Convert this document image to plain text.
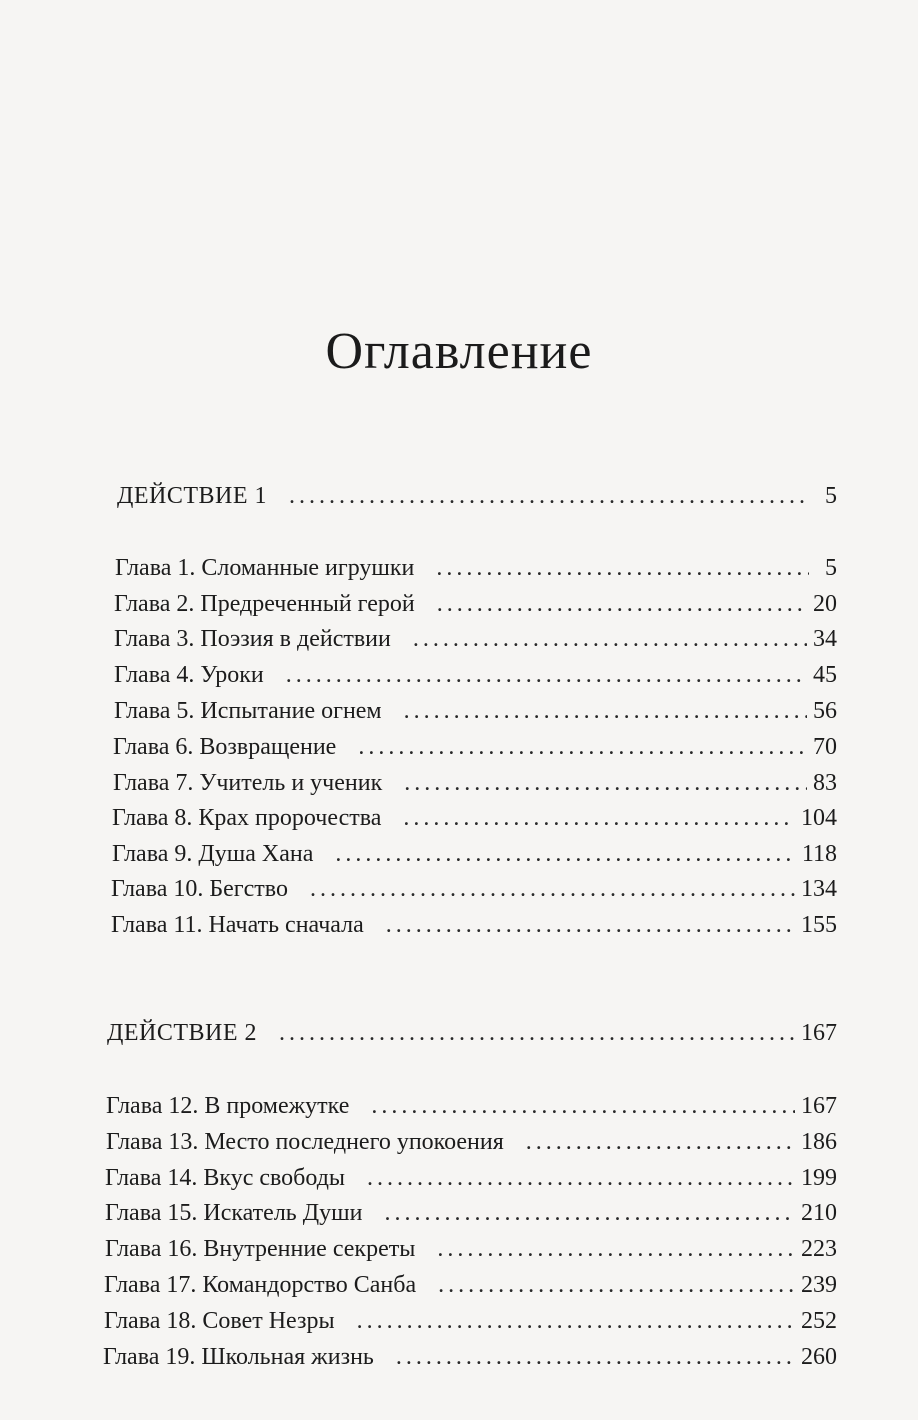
Оглавление
ДЕЙСТВИЕ 1 . . .	5
Глава 1. Сломанные игрушки . . .	5
Глава 2. Предреченный герой . . .	20
Глава 3. Поэзия в действии . . .	34
Глава 4. Уроки . . .	45
Глава 5. Испытание огнем . . .	56
Глава 6. Возвращение . . .	70
Глава 7. Учитель и ученик . . .	83
Глава 8. Крах пророчества . . .	104
Глава 9. Душа Хана . . .	118
Глава 10. Бегство . . .	134
Глава 11. Начать сначала . . .	155
ДЕЙСТВИЕ 2 . . .	167
Глава 12. В промежутке . . .	167
Глава 13. Место последнего упокоения . . .	186
Глава 14. Вкус свободы . . .	199
Глава 15. Искатель Души . . .	210
Глава 16. Внутренние секреты . . .	223
Глава 17. Командорство Санба . . .	239
Глава 18. Совет Незры . . .	252
Глава 19. Школьная жизнь . . .	260
